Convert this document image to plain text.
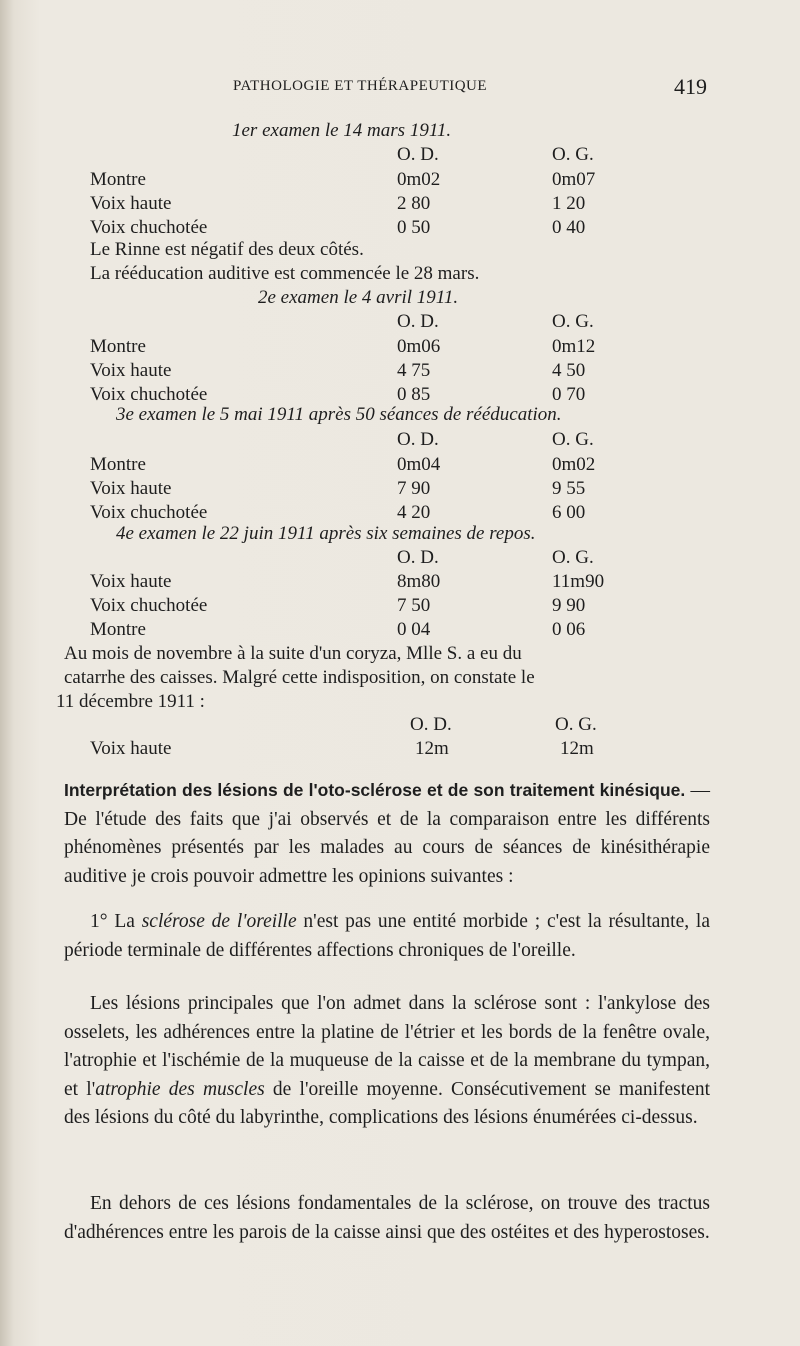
PATHOLOGIE ET THÉRAPEUTIQUE	419
1er examen le 14 mars 1911.
O. D.	O. G.
Montre	0m02	0m07
Voix haute	2 80	1 20
Voix chuchotée	0 50	0 40
Le Rinne est négatif des deux côtés.
La rééducation auditive est commencée le 28 mars.
2e examen le 4 avril 1911.
O. D.	O. G.
Montre	0m06	0m12
Voix haute	4 75	4 50
Voix chuchotée	0 85	0 70
3e examen le 5 mai 1911 après 50 séances de rééducation.
O. D.	O. G.
Montre	0m04	0m02
Voix haute	7 90	9 55
Voix chuchotée	4 20	6 00
4e examen le 22 juin 1911 après six semaines de repos.
O. D.	O. G.
Voix haute	8m80	11m90
Voix chuchotée	7 50	9 90
Montre	0 04	0 06
Au mois de novembre à la suite d'un coryza, Mlle S. a eu du
catarrhe des caisses. Malgré cette indisposition, on constate le
11 décembre 1911 :
O. D.	O. G.
Voix haute	12m	12m
Interprétation des lésions de l'oto-sclérose et de son traitement kinésique. — De l'étude des faits que j'ai observés et de la comparaison entre les différents phénomènes présentés par les malades au cours de séances de kinésithérapie auditive je crois pouvoir admettre les opinions suivantes :
1° La sclérose de l'oreille n'est pas une entité morbide ; c'est la résultante, la période terminale de différentes affections chroniques de l'oreille.
Les lésions principales que l'on admet dans la sclérose sont : l'ankylose des osselets, les adhérences entre la platine de l'étrier et les bords de la fenêtre ovale, l'atrophie et l'ischémie de la muqueuse de la caisse et de la membrane du tympan, et l'atrophie des muscles de l'oreille moyenne. Consécutivement se manifestent des lésions du côté du labyrinthe, complications des lésions énumérées ci-dessus.
En dehors de ces lésions fondamentales de la sclérose, on trouve des tractus d'adhérences entre les parois de la caisse ainsi que des ostéites et des hyperostoses.
